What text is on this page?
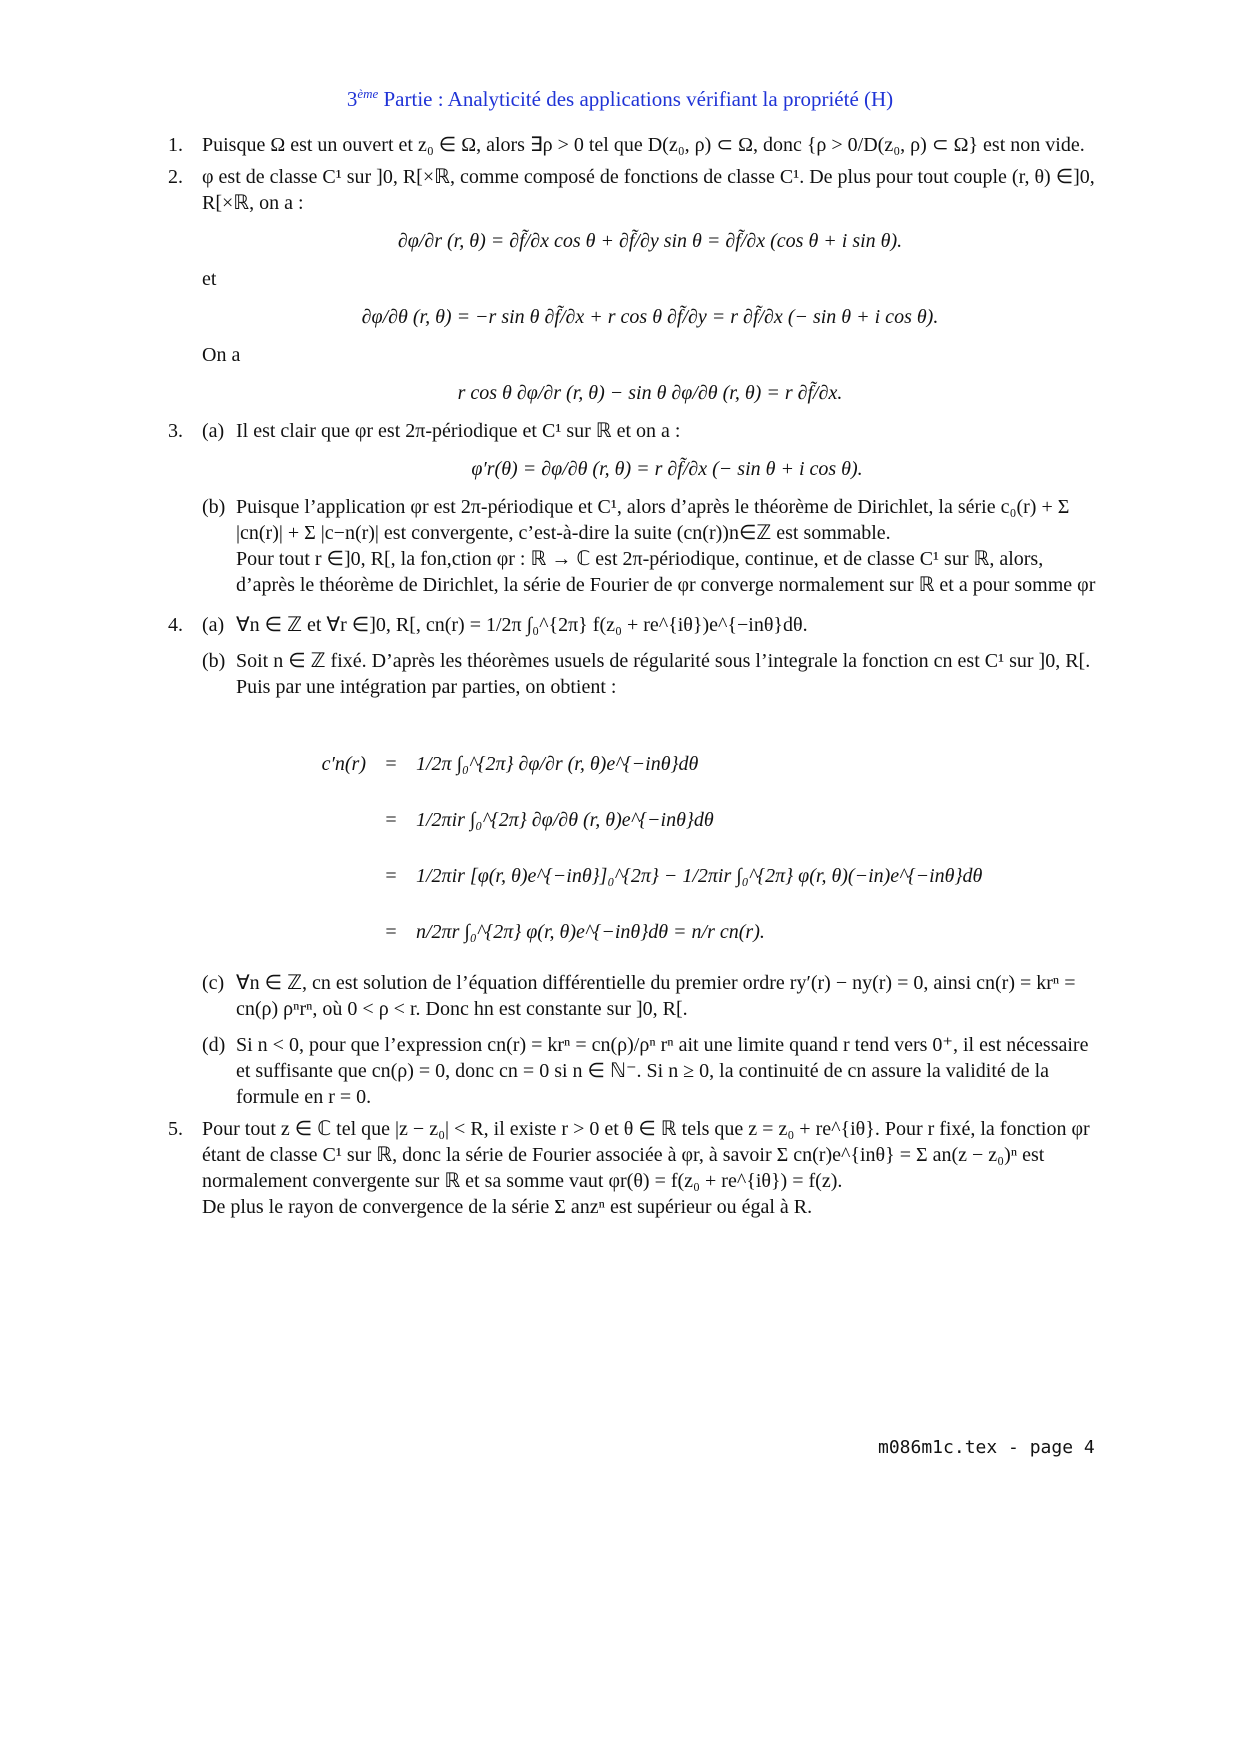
3ème Partie : Analyticité des applications vérifiant la propriété (H)
1. Puisque Ω est un ouvert et z₀ ∈ Ω, alors ∃ρ > 0 tel que D(z₀, ρ) ⊂ Ω, donc {ρ > 0/D(z₀, ρ) ⊂ Ω} est non vide.
2. φ est de classe C¹ sur ]0, R[×ℝ, comme composé de fonctions de classe C¹. De plus pour tout couple (r, θ) ∈]0, R[×ℝ, on a :
∂φ/∂r (r, θ) = ∂f̃/∂x cos θ + ∂f̃/∂y sin θ = ∂f̃/∂x (cos θ + i sin θ).
et
∂φ/∂θ (r, θ) = −r sin θ ∂f̃/∂x + r cos θ ∂f̃/∂y = r ∂f̃/∂x (− sin θ + i cos θ).
On a
r cos θ ∂φ/∂r (r, θ) − sin θ ∂φ/∂θ (r, θ) = r ∂f̃/∂x.
3. (a) Il est clair que φr est 2π-périodique et C¹ sur ℝ et on a :
φ′r(θ) = ∂φ/∂θ (r, θ) = r ∂f̃/∂x (− sin θ + i cos θ).
(b) Puisque l’application φr est 2π-périodique et C¹, alors d’après le théorème de Dirichlet, la série c₀(r) + Σ |cn(r)| + Σ |c−n(r)| est convergente, c’est-à-dire la suite (cn(r))n∈ℤ est sommable.
Pour tout r ∈]0, R[, la fon,ction φr : ℝ → ℂ est 2π-périodique, continue, et de classe C¹ sur ℝ, alors, d’après le théorème de Dirichlet, la série de Fourier de φr converge normalement sur ℝ et a pour somme φr
4. (a) ∀n ∈ ℤ et ∀r ∈]0, R[, cn(r) = 1/2π ∫₀^{2π} f(z₀ + re^{iθ})e^{−inθ}dθ.
(b) Soit n ∈ ℤ fixé. D’après les théorèmes usuels de régularité sous l’integrale la fonction cn est C¹ sur ]0, R[. Puis par une intégration par parties, on obtient :
c′n(r) = 1/2π ∫₀^{2π} ∂φ/∂r (r, θ)e^{−inθ}dθ
= 1/2πir ∫₀^{2π} ∂φ/∂θ (r, θ)e^{−inθ}dθ
= 1/2πir [φ(r, θ)e^{−inθ}]₀^{2π} − 1/2πir ∫₀^{2π} φ(r, θ)(−in)e^{−inθ}dθ
= n/2πr ∫₀^{2π} φ(r, θ)e^{−inθ}dθ = n/r cn(r).
(c) ∀n ∈ ℤ, cn est solution de l’équation différentielle du premier ordre ry′(r) − ny(r) = 0, ainsi cn(r) = krⁿ = cn(ρ) ρⁿrⁿ, où 0 < ρ < r. Donc hn est constante sur ]0, R[.
(d) Si n < 0, pour que l’expression cn(r) = krⁿ = cn(ρ)/ρⁿ rⁿ ait une limite quand r tend vers 0⁺, il est nécessaire et suffisante que cn(ρ) = 0, donc cn = 0 si n ∈ ℕ⁻. Si n ≥ 0, la continuité de cn assure la validité de la formule en r = 0.
5. Pour tout z ∈ ℂ tel que |z − z₀| < R, il existe r > 0 et θ ∈ ℝ tels que z = z₀ + re^{iθ}. Pour r fixé, la fonction φr étant de classe C¹ sur ℝ, donc la série de Fourier associée à φr, à savoir Σ cn(r)e^{inθ} = Σ an(z − z₀)ⁿ est normalement convergente sur ℝ et sa somme vaut φr(θ) = f(z₀ + re^{iθ}) = f(z).
De plus le rayon de convergence de la série Σ anzⁿ est supérieur ou égal à R.
m086m1c.tex - page 4
